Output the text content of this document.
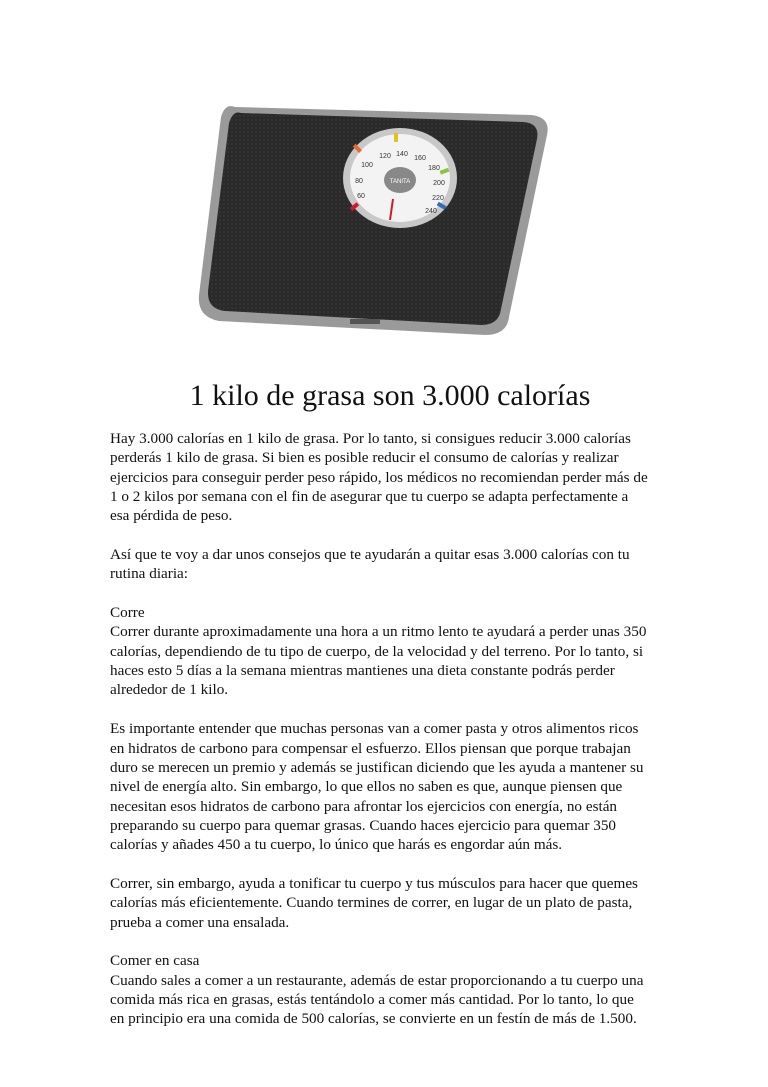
60
80
100
120 140
160
180
200
220
240
TANITA
1 kilo de grasa son 3.000 calorías

Hay 3.000 calorías en 1 kilo de grasa. Por lo tanto, si consigues reducir 3.000 calorías
perderás 1 kilo de grasa. Si bien es posible reducir el consumo de calorías y realizar
ejercicios para conseguir perder peso rápido, los médicos no recomiendan perder más de
1 o 2 kilos por semana con el fin de asegurar que tu cuerpo se adapta perfectamente a
esa pérdida de peso.

Así que te voy a dar unos consejos que te ayudarán a quitar esas 3.000 calorías con tu
rutina diaria:

Corre
Correr durante aproximadamente una hora a un ritmo lento te ayudará a perder unas 350
calorías, dependiendo de tu tipo de cuerpo, de la velocidad y del terreno. Por lo tanto, si
haces esto 5 días a la semana mientras mantienes una dieta constante podrás perder
alrededor de 1 kilo.

Es importante entender que muchas personas van a comer pasta y otros alimentos ricos
en hidratos de carbono para compensar el esfuerzo. Ellos piensan que porque trabajan
duro se merecen un premio y además se justifican diciendo que les ayuda a mantener su
nivel de energía alto. Sin embargo, lo que ellos no saben es que, aunque piensen que
necesitan esos hidratos de carbono para afrontar los ejercicios con energía, no están
preparando su cuerpo para quemar grasas. Cuando haces ejercicio para quemar 350
calorías y añades 450 a tu cuerpo, lo único que harás es engordar aún más.

Correr, sin embargo, ayuda a tonificar tu cuerpo y tus músculos para hacer que quemes
calorías más eficientemente. Cuando termines de correr, en lugar de un plato de pasta,
prueba a comer una ensalada.

Comer en casa
Cuando sales a comer a un restaurante, además de estar proporcionando a tu cuerpo una
comida más rica en grasas, estás tentándolo a comer más cantidad. Por lo tanto, lo que
en principio era una comida de 500 calorías, se convierte en un festín de más de 1.500.
